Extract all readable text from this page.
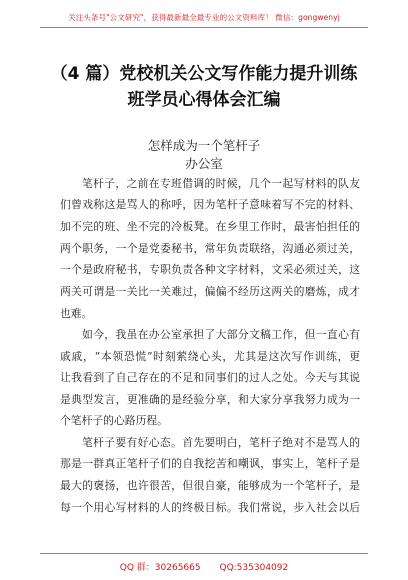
关注头条号"公文研究"，获得最新最全最专业的公文资料库！ 微信：gongwenyj
（4 篇）党校机关公文写作能力提升训练
班学员心得体会汇编
怎样成为一个笔杆子
办公室
笔杆子，之前在专班借调的时候，几个一起写材料的队友
们曾戏称这是骂人的称呼，因为笔杆子意味着写不完的材料、
加不完的班、坐不完的冷板凳。在乡里工作时，最害怕担任的
两个职务，一个是党委秘书，常年负责联络，沟通必须过关，
一个是政府秘书，专职负责各种文字材料，文采必须过关，这
两关可谓是一关比一关难过，偏偏不经历这两关的磨炼，成才
也难。
如今，我虽在办公室承担了大部分文稿工作，但一直心有
戚戚，“本领恐慌”时刻萦绕心头，尤其是这次写作训练，更
让我看到了自己存在的不足和同事们的过人之处。今天与其说
是典型发言，更准确的是经验分享，和大家分享我努力成为一
个笔杆子的心路历程。
笔杆子要有好心态。首先要明白，笔杆子绝对不是骂人的
那是一群真正笔杆子们的自我挖苦和嘲讽，事实上，笔杆子是
最大的褒扬，也许很苦，但很自豪，能够成为一个笔杆子，是
每一个用心写材料的人的终极目标。我们常说，步入社会以后
QQ 群：30265665 QQ:535304092
